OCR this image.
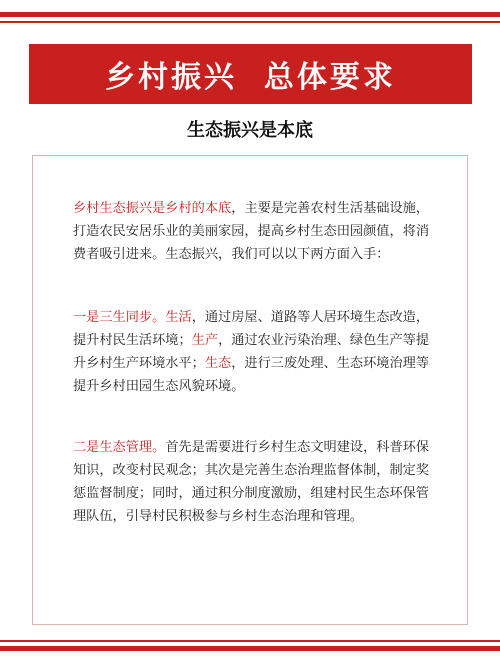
乡村振兴  总体要求
生态振兴是本底

乡村生态振兴是乡村的本底，主要是完善农村生活基础设施，打造农民安居乐业的美丽家园，提高乡村生态田园颜值，将消费者吸引进来。生态振兴，我们可以以下两方面入手：

一是三生同步。生活，通过房屋、道路等人居环境生态改造，提升村民生活环境；生产，通过农业污染治理、绿色生产等提升乡村生产环境水平；生态，进行三废处理、生态环境治理等提升乡村田园生态风貌环境。

二是生态管理。首先是需要进行乡村生态文明建设，科普环保知识，改变村民观念；其次是完善生态治理监督体制，制定奖惩监督制度；同时，通过积分制度激励，组建村民生态环保管理队伍，引导村民积极参与乡村生态治理和管理。
